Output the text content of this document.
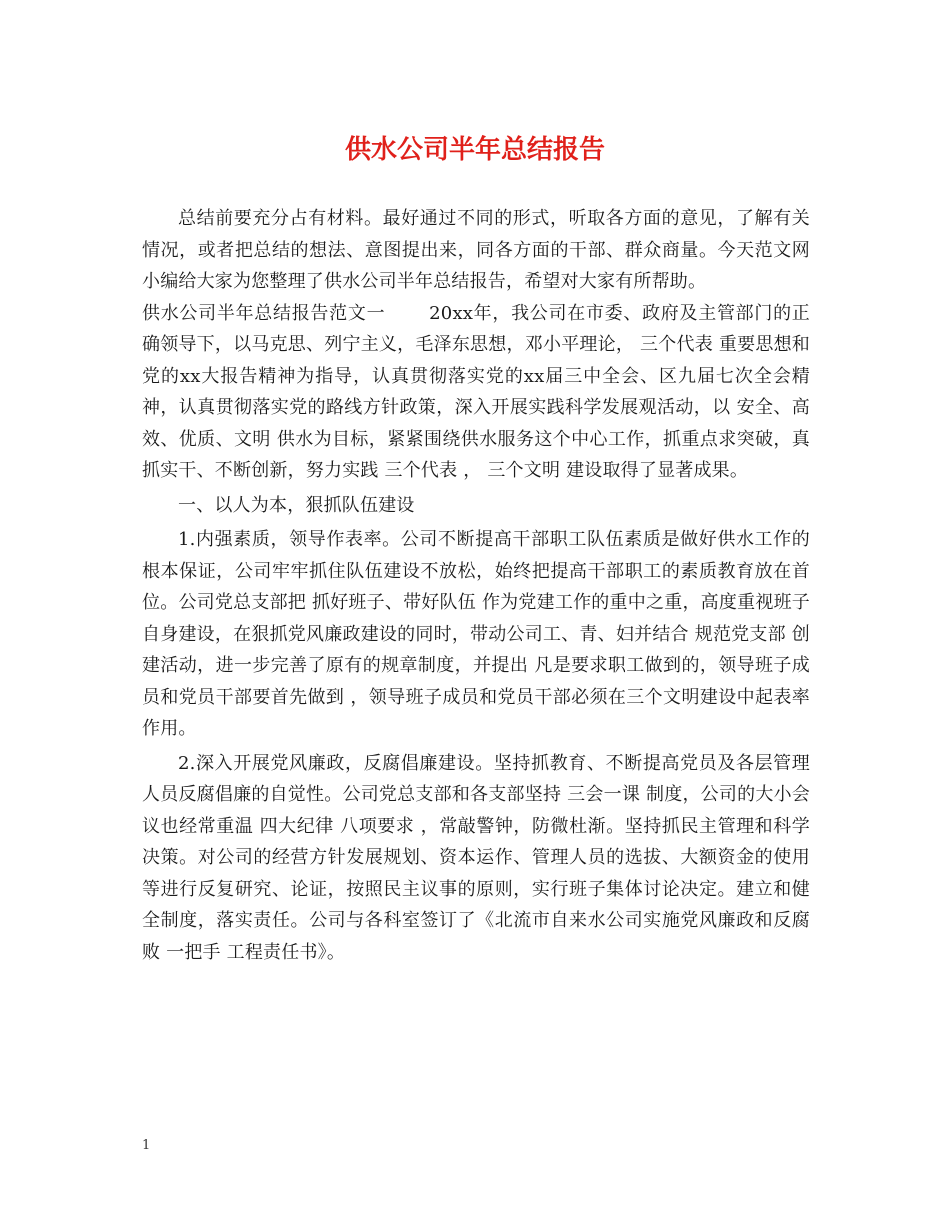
供水公司半年总结报告

总结前要充分占有材料。最好通过不同的形式，听取各方面的意见，了解有关情况，或者把总结的想法、意图提出来，同各方面的干部、群众商量。今天范文网小编给大家为您整理了供水公司半年总结报告，希望对大家有所帮助。

供水公司半年总结报告范文一　　 20xx年，我公司在市委、政府及主管部门的正确领导下，以马克思、列宁主义，毛泽东思想，邓小平理论， 三个代表 重要思想和党的xx大报告精神为指导，认真贯彻落实党的xx届三中全会、区九届七次全会精神，认真贯彻落实党的路线方针政策，深入开展实践科学发展观活动，以 安全、高效、优质、文明 供水为目标，紧紧围绕供水服务这个中心工作，抓重点求突破，真抓实干、不断创新，努力实践 三个代表 ， 三个文明 建设取得了显著成果。

一、以人为本，狠抓队伍建设

1.内强素质，领导作表率。公司不断提高干部职工队伍素质是做好供水工作的根本保证，公司牢牢抓住队伍建设不放松，始终把提高干部职工的素质教育放在首位。公司党总支部把 抓好班子、带好队伍 作为党建工作的重中之重，高度重视班子自身建设，在狠抓党风廉政建设的同时，带动公司工、青、妇并结合 规范党支部 创建活动，进一步完善了原有的规章制度，并提出 凡是要求职工做到的，领导班子成员和党员干部要首先做到 ，领导班子成员和党员干部必须在三个文明建设中起表率作用。

2.深入开展党风廉政，反腐倡廉建设。坚持抓教育、不断提高党员及各层管理人员反腐倡廉的自觉性。公司党总支部和各支部坚持 三会一课 制度，公司的大小会议也经常重温 四大纪律 八项要求 ，常敲警钟，防微杜渐。坚持抓民主管理和科学决策。对公司的经营方针发展规划、资本运作、管理人员的选拔、大额资金的使用等进行反复研究、论证，按照民主议事的原则，实行班子集体讨论决定。建立和健全制度，落实责任。公司与各科室签订了《北流市自来水公司实施党风廉政和反腐败 一把手 工程责任书》。

1
